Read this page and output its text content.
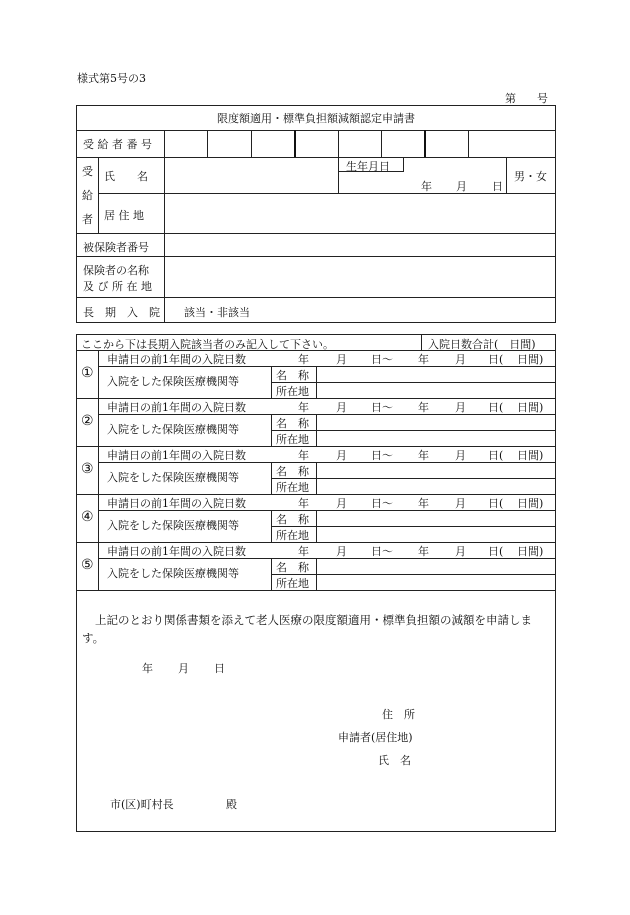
様式第5号の3
第 号
限度額適用・標準負担額減額認定申請書
受 給 者 番 号
受
給
者
氏　　名
生年月日
年 月 日
男・女
居 住 地
被保険者番号
保険者の名称
及 び 所 在 地
長　期　入　院 該当・非該当
ここから下は長期入院該当者のみ記入して下さい。	入院日数合計(　日間)
①
申請日の前1年間の入院日数	年 月 日〜 年 月 日( 日間)
入院をした保険医療機関等	名　称
所在地
②
申請日の前1年間の入院日数	年 月 日〜 年 月 日( 日間)
入院をした保険医療機関等	名　称
所在地
③
申請日の前1年間の入院日数	年 月 日〜 年 月 日( 日間)
入院をした保険医療機関等	名　称
所在地
④
申請日の前1年間の入院日数	年 月 日〜 年 月 日( 日間)
入院をした保険医療機関等	名　称
所在地
⑤
申請日の前1年間の入院日数	年 月 日〜 年 月 日( 日間)
入院をした保険医療機関等	名　称
所在地
上記のとおり関係書類を添えて老人医療の限度額適用・標準負担額の減額を申請しま
す。
年 月 日
住　所
申請者(居住地)
氏　名
市(区)町村長	殿
